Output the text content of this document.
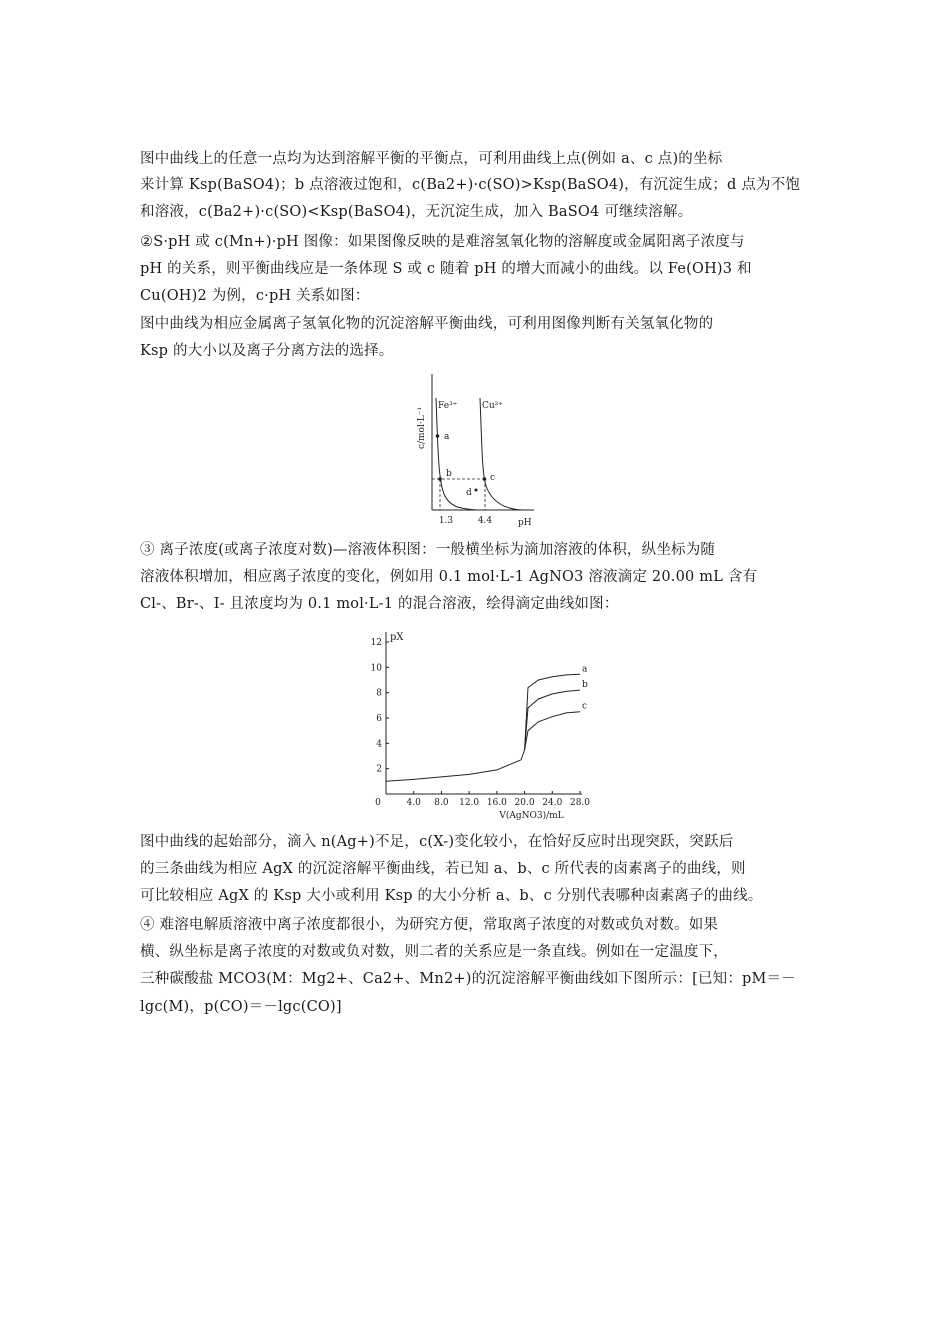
图中曲线上的任意一点均为达到溶解平衡的平衡点，可利用曲线上点(例如 a、c 点)的坐标

来计算 Ksp(BaSO4)；b 点溶液过饱和，c(Ba2+)·c(SO)>Ksp(BaSO4)，有沉淀生成；d 点为不饱

和溶液，c(Ba2+)·c(SO)<Ksp(BaSO4)，无沉淀生成，加入 BaSO4 可继续溶解。

②S·pH 或 c(Mn+)·pH 图像：如果图像反映的是难溶氢氧化物的溶解度或金属阳离子浓度与

pH 的关系，则平衡曲线应是一条体现 S 或 c 随着 pH 的增大而减小的曲线。以 Fe(OH)3 和

Cu(OH)2 为例，c·pH 关系如图：

图中曲线为相应金属离子氢氧化物的沉淀溶解平衡曲线，可利用图像判断有关氢氧化物的

Ksp 的大小以及离子分离方法的选择。

c/mol·L⁻¹
Fe³⁺	Cu²⁺
a
b	c
d
1.3	4.4	pH

③ 离子浓度(或离子浓度对数)—溶液体积图：一般横坐标为滴加溶液的体积，纵坐标为随

溶液体积增加，相应离子浓度的变化，例如用 0.1 mol·L-1 AgNO3 溶液滴定 20.00 mL 含有

Cl-、Br-、I- 且浓度均为 0.1 mol·L-1 的混合溶液，绘得滴定曲线如图：

pX
2
4
6
8
10
12
0	4.0 8.0 12.0 16.0 20.0 24.0 28.0
V(AgNO3)/mL
a
b
c

图中曲线的起始部分，滴入 n(Ag+)不足，c(X-)变化较小，在恰好反应时出现突跃，突跃后

的三条曲线为相应 AgX 的沉淀溶解平衡曲线，若已知 a、b、c 所代表的卤素离子的曲线，则

可比较相应 AgX 的 Ksp 大小或利用 Ksp 的大小分析 a、b、c 分别代表哪种卤素离子的曲线。

④ 难溶电解质溶液中离子浓度都很小，为研究方便，常取离子浓度的对数或负对数。如果

横、纵坐标是离子浓度的对数或负对数，则二者的关系应是一条直线。例如在一定温度下，

三种碳酸盐 MCO3(M：Mg2+、Ca2+、Mn2+)的沉淀溶解平衡曲线如下图所示：[已知：pM＝－

lgc(M)，p(CO)＝－lgc(CO)]
